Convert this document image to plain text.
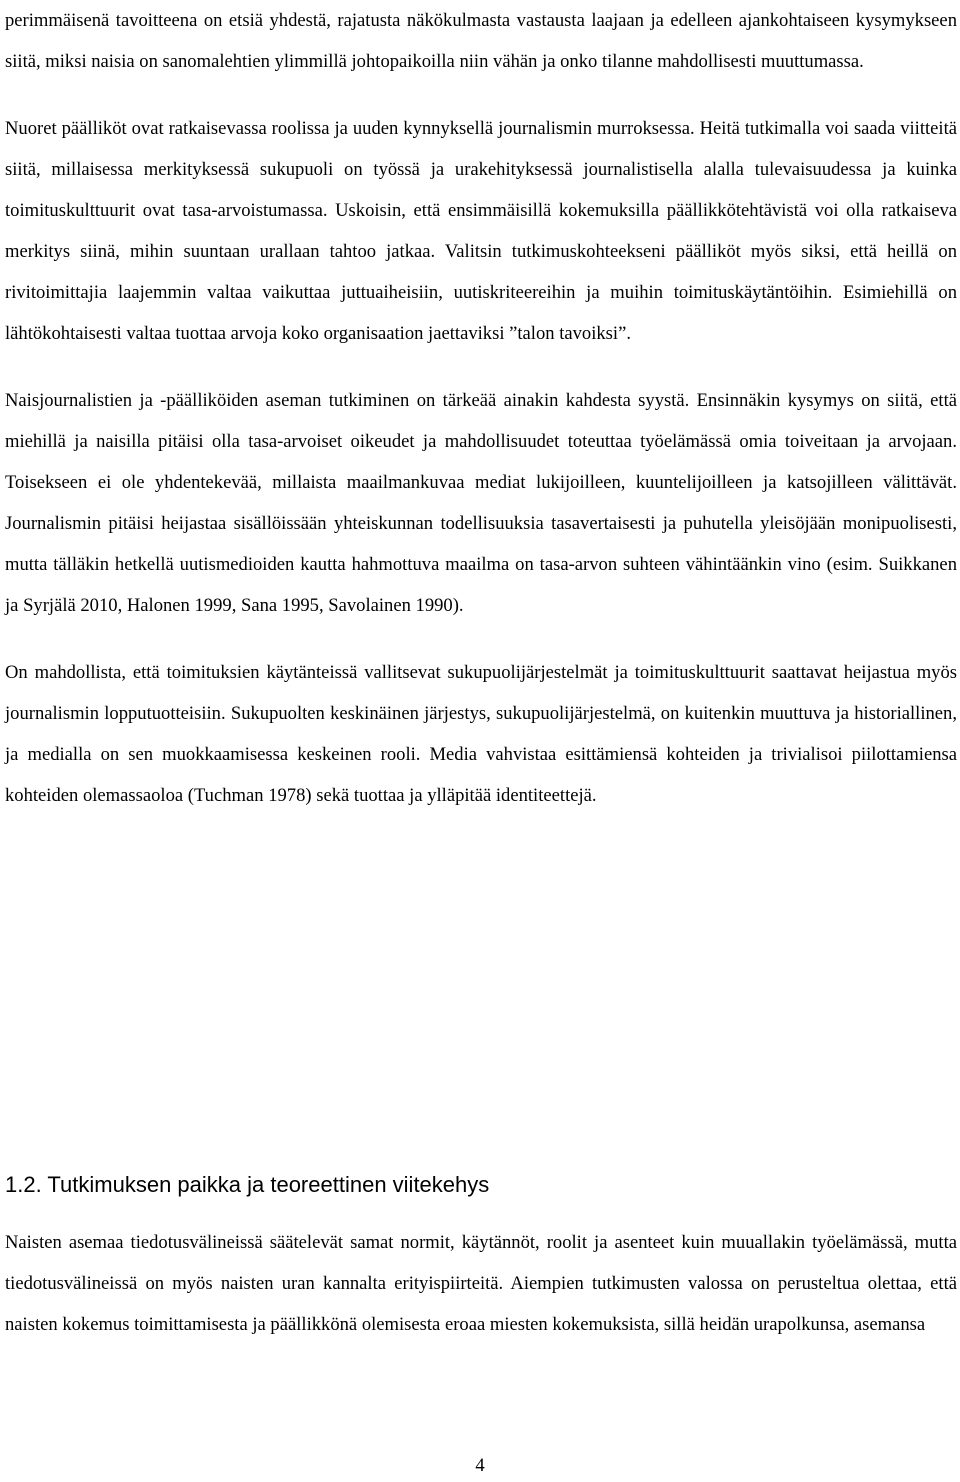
perimmäisenä tavoitteena on etsiä yhdestä, rajatusta näkökulmasta vastausta laajaan ja edelleen ajankohtaiseen kysymykseen siitä, miksi naisia on sanomalehtien ylimmillä johtopaikoilla niin vähän ja onko tilanne mahdollisesti muuttumassa.

Nuoret päälliköt ovat ratkaisevassa roolissa ja uuden kynnyksellä journalismin murroksessa. Heitä tutkimalla voi saada viitteitä siitä, millaisessa merkityksessä sukupuoli on työssä ja urakehityksessä journalistisella alalla tulevaisuudessa ja kuinka toimituskulttuurit ovat tasa-arvoistumassa. Uskoisin, että ensimmäisillä kokemuksilla päällikkötehtävistä voi olla ratkaiseva merkitys siinä, mihin suuntaan urallaan tahtoo jatkaa. Valitsin tutkimuskohteekseni päälliköt myös siksi, että heillä on rivitoimittajia laajemmin valtaa vaikuttaa juttuaiheisiin, uutiskriteereihin ja muihin toimituskäytäntöihin. Esimiehillä on lähtökohtaisesti valtaa tuottaa arvoja koko organisaation jaettaviksi ”talon tavoiksi”.

Naisjournalistien ja -päälliköiden aseman tutkiminen on tärkeää ainakin kahdesta syystä. Ensinnäkin kysymys on siitä, että miehillä ja naisilla pitäisi olla tasa-arvoiset oikeudet ja mahdollisuudet toteuttaa työelämässä omia toiveitaan ja arvojaan. Toisekseen ei ole yhdentekevää, millaista maailmankuvaa mediat lukijoilleen, kuuntelijoilleen ja katsojilleen välittävät. Journalismin pitäisi heijastaa sisällöissään yhteiskunnan todellisuuksia tasavertaisesti ja puhutella yleisöjään monipuolisesti, mutta tälläkin hetkellä uutismedioiden kautta hahmottuva maailma on tasa-arvon suhteen vähintäänkin vino (esim. Suikkanen ja Syrjälä 2010, Halonen 1999, Sana 1995, Savolainen 1990).

On mahdollista, että toimituksien käytänteissä vallitsevat sukupuolijärjestelmät ja toimituskulttuurit saattavat heijastua myös journalismin lopputuotteisiin. Sukupuolten keskinäinen järjestys, sukupuolijärjestelmä, on kuitenkin muuttuva ja historiallinen, ja medialla on sen muokkaamisessa keskeinen rooli. Media vahvistaa esittämiensä kohteiden ja trivialisoi piilottamiensa kohteiden olemassaoloa (Tuchman 1978) sekä tuottaa ja ylläpitää identiteettejä.

1.2. Tutkimuksen paikka ja teoreettinen viitekehys

Naisten asemaa tiedotusvälineissä säätelevät samat normit, käytännöt, roolit ja asenteet kuin muuallakin työelämässä, mutta tiedotusvälineissä on myös naisten uran kannalta erityispiirteitä. Aiempien tutkimusten valossa on perusteltua olettaa, että naisten kokemus toimittamisesta ja päällikkönä olemisesta eroaa miesten kokemuksista, sillä heidän urapolkunsa, asemansa

4
